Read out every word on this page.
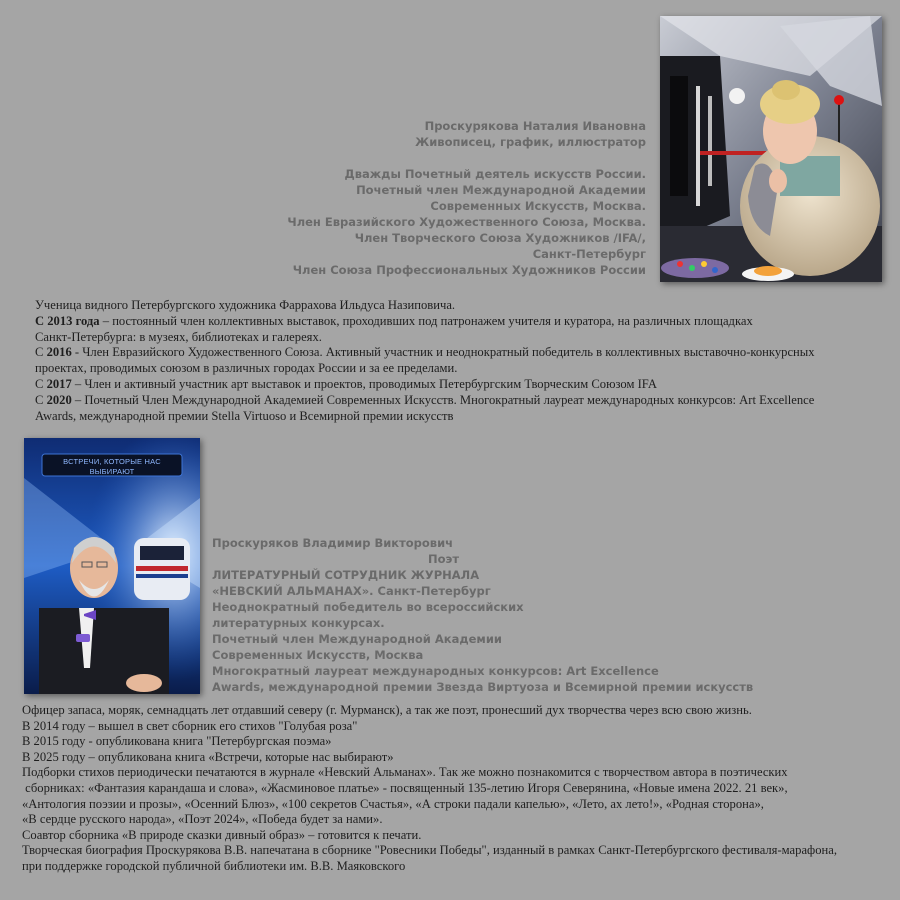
Проскурякова Наталия Ивановна
Живописец, график, иллюстратор
Дважды Почетный деятель искусств России.
Почетный член Международной Академии
Современных Искусств, Москва.
Член Евразийского Художественного Союза, Москва.
Член Творческого Союза Художников /IFA/,
Санкт-Петербург
Член Союза Профессиональных Художников России

Ученица видного Петербургского художника Фаррахова Ильдуса Назиповича.

С 2013 года – постоянный член коллективных выставок, проходивших под патронажем учителя и куратора, на различных площадках

Санкт-Петербурга: в музеях, библиотеках и галереях.

С 2016 - Член Евразийского Художественного Союза. Активный участник и неоднократный победитель в коллективных выставочно-конкурсных проектах, проводимых союзом в различных городах России и за ее пределами.

С 2017 – Член и активный участник арт выставок и проектов, проводимых Петербургским Творческим Союзом IFA

С 2020 – Почетный Член Международной Академией Современных Искусств. Многократный лауреат международных конкурсов: Art Excellence Awards, международной премии Stella Virtuoso и Всемирной премии искусств

ВСТРЕЧИ, КОТОРЫЕ НАС ВЫБИРАЮТ
Проскуряков Владимир Викторович
Поэт
ЛИТЕРАТУРНЫЙ СОТРУДНИК ЖУРНАЛА
«НЕВСКИЙ АЛЬМАНАХ». Санкт-Петербург
Неоднократный победитель во всероссийских
литературных конкурсах.
Почетный член Международной Академии
Современных Искусств, Москва
Многократный лауреат международных конкурсов: Art Excellence
Awards, международной премии Звезда Виртуоза и Всемирной премии искусств

Офицер запаса, моряк, семнадцать лет отдавший северу (г. Мурманск), а так же поэт, пронесший дух творчества через всю свою жизнь.

В 2014 году – вышел в свет сборник его стихов "Голубая роза"

В 2015 году - опубликована книга "Петербургская поэма»

В 2025 году – опубликована книга «Встречи, которые нас выбирают»

Подборки стихов периодически печатаются в журнале «Невский Альманах». Так же можно познакомится с творчеством автора в поэтических

сборниках: «Фантазия карандаша и слова», «Жасминовое платье» - посвященный 135-летию Игоря Северянина, «Новые имена 2022. 21 век»,

«Антология поэзии и прозы», «Осенний Блюз», «100 секретов Счастья», «А строки падали капелью», «Лето, ах лето!», «Родная сторона»,

«В сердце русского народа», «Поэт 2024», «Победа будет за нами».

Соавтор сборника «В природе сказки дивный образ» – готовится к печати.

Творческая биография Проскурякова В.В. напечатана в сборнике "Ровесники Победы", изданный в рамках Санкт-Петербургского фестиваля-марафона,

при поддержке городской публичной библиотеки им. В.В. Маяковского
